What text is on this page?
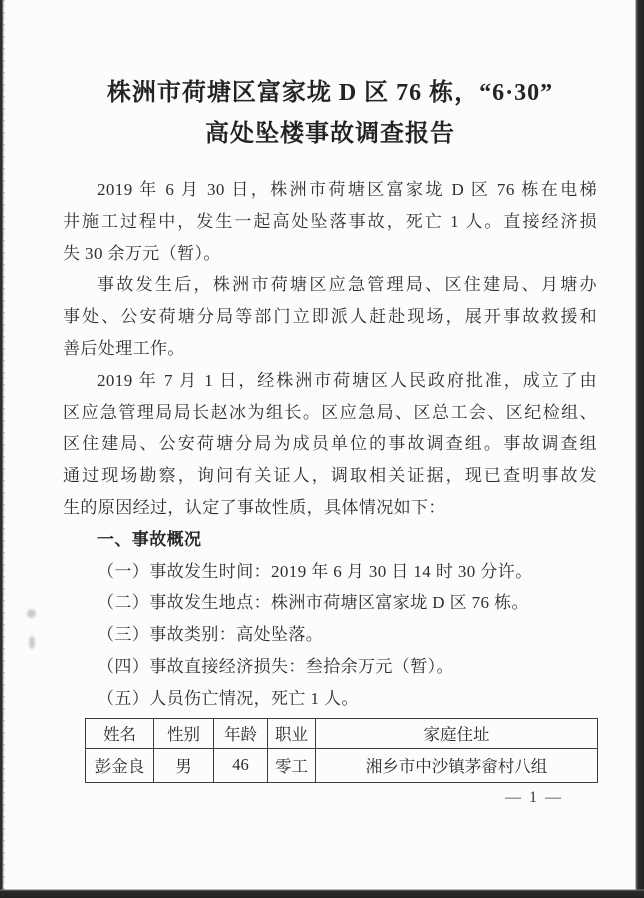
株洲市荷塘区富家垅 D 区 76 栋，“6·30”
高处坠楼事故调查报告
2019 年 6 月 30 日，株洲市荷塘区富家垅 D 区 76 栋在电梯
井施工过程中，发生一起高处坠落事故，死亡 1 人。直接经济损
失 30 余万元（暂）。
事故发生后，株洲市荷塘区应急管理局、区住建局、月塘办
事处、公安荷塘分局等部门立即派人赶赴现场，展开事故救援和
善后处理工作。
2019 年 7 月 1 日，经株洲市荷塘区人民政府批准，成立了由
区应急管理局局长赵冰为组长。区应急局、区总工会、区纪检组、
区住建局、公安荷塘分局为成员单位的事故调查组。事故调查组
通过现场勘察，询问有关证人，调取相关证据，现已查明事故发
生的原因经过，认定了事故性质，具体情况如下：
一、事故概况
（一）事故发生时间：2019 年 6 月 30 日 14 时 30 分许。
（二）事故发生地点：株洲市荷塘区富家垅 D 区 76 栋。
（三）事故类别：高处坠落。
（四）事故直接经济损失：叁拾余万元（暂）。
（五）人员伤亡情况，死亡 1 人。
姓名	性别	年龄	职业	家庭住址
彭金良	男	46	零工	湘乡市中沙镇茅畲村八组
— 1 —
